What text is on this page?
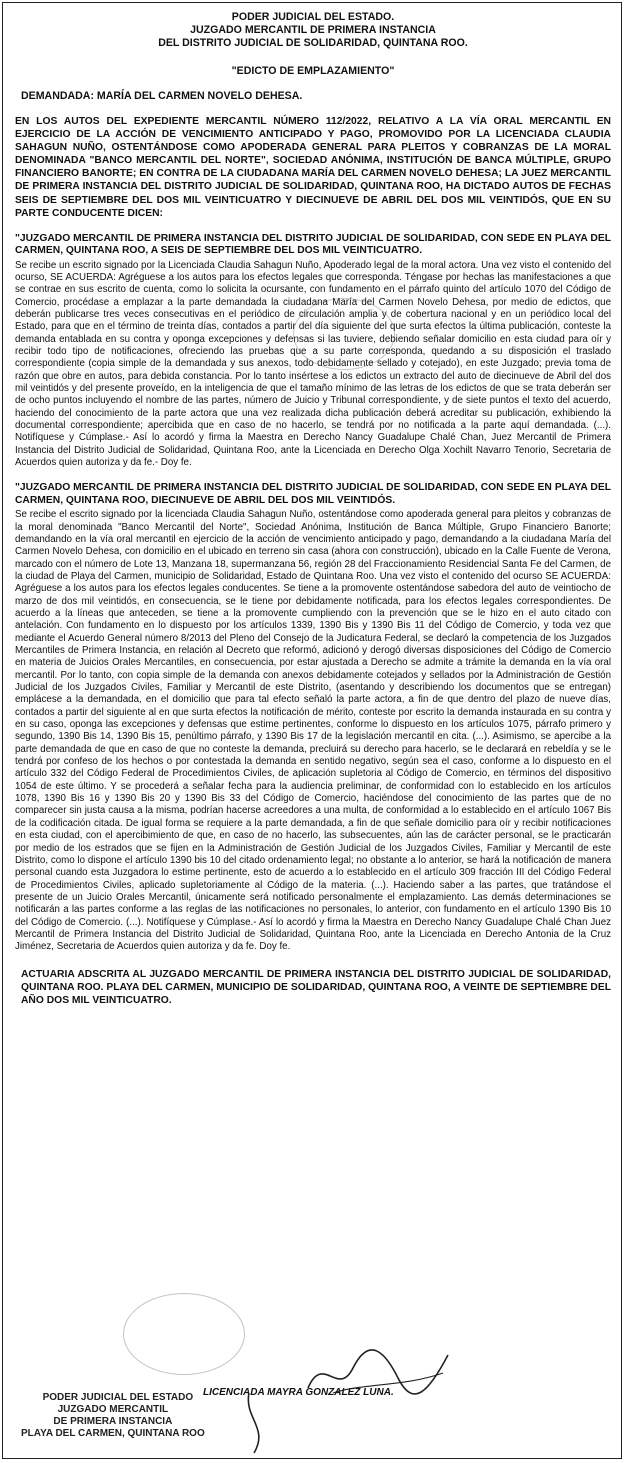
PODER JUDICIAL DEL ESTADO.
JUZGADO MERCANTIL DE PRIMERA INSTANCIA
DEL DISTRITO JUDICIAL DE SOLIDARIDAD, QUINTANA ROO.
"EDICTO DE EMPLAZAMIENTO"
DEMANDADA: MARÍA DEL CARMEN NOVELO DEHESA.
EN LOS AUTOS DEL EXPEDIENTE MERCANTIL NÚMERO 112/2022, RELATIVO A LA VÍA ORAL MERCANTIL EN EJERCICIO DE LA ACCIÓN DE VENCIMIENTO ANTICIPADO Y PAGO, PROMOVIDO POR LA LICENCIADA CLAUDIA SAHAGUN NUÑO, OSTENTÁNDOSE COMO APODERADA GENERAL PARA PLEITOS Y COBRANZAS DE LA MORAL DENOMINADA "BANCO MERCANTIL DEL NORTE", SOCIEDAD ANÓNIMA, INSTITUCIÓN DE BANCA MÚLTIPLE, GRUPO FINANCIERO BANORTE; EN CONTRA DE LA CIUDADANA MARÍA DEL CARMEN NOVELO DEHESA; LA JUEZ MERCANTIL DE PRIMERA INSTANCIA DEL DISTRITO JUDICIAL DE SOLIDARIDAD, QUINTANA ROO, HA DICTADO AUTOS DE FECHAS SEIS DE SEPTIEMBRE DEL DOS MIL VEINTICUATRO Y DIECINUEVE DE ABRIL DEL DOS MIL VEINTIDÓS, QUE EN SU PARTE CONDUCENTE DICEN:
"JUZGADO MERCANTIL DE PRIMERA INSTANCIA DEL DISTRITO JUDICIAL DE SOLIDARIDAD, CON SEDE EN PLAYA DEL CARMEN, QUINTANA ROO, A SEIS DE SEPTIEMBRE DEL DOS MIL VEINTICUATRO.
Se recibe un escrito signado por la Licenciada Claudia Sahagun Nuño, Apoderado legal de la moral actora. Una vez visto el contenido del ocurso, SE ACUERDA: Agréguese a los autos para los efectos legales que corresponda. Téngase por hechas las manifestaciones a que se contrae en sus escrito de cuenta, como lo solicita la ocursante, con fundamento en el párrafo quinto del artículo 1070 del Código de Comercio, procédase a emplazar a la parte demandada la ciudadana María del Carmen Novelo Dehesa, por medio de edictos, que deberán publicarse tres veces consecutivas en el periódico de circulación amplia y de cobertura nacional y en un periódico local del Estado, para que en el término de treinta días, contados a partir del día siguiente del que surta efectos la última publicación, conteste la demanda entablada en su contra y oponga excepciones y defensas si las tuviere, debiendo señalar domicilio en esta ciudad para oír y recibir todo tipo de notificaciones, ofreciendo las pruebas que a su parte corresponda, quedando a su disposición el traslado correspondiente (copia simple de la demandada y sus anexos, todo debidamente sellado y cotejado), en este Juzgado; previa toma de razón que obre en autos, para debida constancia. Por lo tanto insértese a los edictos un extracto del auto de diecinueve de Abril del dos mil veintidós y del presente proveído, en la inteligencia de que el tamaño mínimo de las letras de los edictos de que se trata deberán ser de ocho puntos incluyendo el nombre de las partes, número de Juicio y Tribunal correspondiente, y de siete puntos el texto del acuerdo, haciendo del conocimiento de la parte actora que una vez realizada dicha publicación deberá acreditar su publicación, exhibiendo la documental correspondiente; apercibida que en caso de no hacerlo, se tendrá por no notificada a la parte aquí demandada. (...). Notifíquese y Cúmplase.- Así lo acordó y firma la Maestra en Derecho Nancy Guadalupe Chalé Chan, Juez Mercantil de Primera Instancia del Distrito Judicial de Solidaridad, Quintana Roo, ante la Licenciada en Derecho Olga Xochilt Navarro Tenorio, Secretaria de Acuerdos quien autoriza y da fe.- Doy fe.
"JUZGADO MERCANTIL DE PRIMERA INSTANCIA DEL DISTRITO JUDICIAL DE SOLIDARIDAD, CON SEDE EN PLAYA DEL CARMEN, QUINTANA ROO, DIECINUEVE DE ABRIL DEL DOS MIL VEINTIDÓS.
Se recibe el escrito signado por la licenciada Claudia Sahagun Nuño, ostentándose como apoderada general para pleitos y cobranzas de la moral denominada "Banco Mercantil del Norte", Sociedad Anónima, Institución de Banca Múltiple, Grupo Financiero Banorte; demandando en la vía oral mercantil en ejercicio de la acción de vencimiento anticipado y pago, demandando a la ciudadana María del Carmen Novelo Dehesa, con domicilio en el ubicado en terreno sin casa (ahora con construcción), ubicado en la Calle Fuente de Verona, marcado con el número de Lote 13, Manzana 18, supermanzana 56, región 28 del Fraccionamiento Residencial Santa Fe del Carmen, de la ciudad de Playa del Carmen, municipio de Solidaridad, Estado de Quintana Roo. Una vez visto el contenido del ocurso SE ACUERDA: Agréguese a los autos para los efectos legales conducentes. Se tiene a la promovente ostentándose sabedora del auto de veintiocho de marzo de dos mil veintidós, en consecuencia, se le tiene por debidamente notificada, para los efectos legales correspondientes. De acuerdo a la líneas que anteceden, se tiene a la promovente cumpliendo con la prevención que se le hizo en el auto citado con antelación. Con fundamento en lo dispuesto por los artículos 1339, 1390 Bis y 1390 Bis 11 del Código de Comercio, y toda vez que mediante el Acuerdo General número 8/2013 del Pleno del Consejo de la Judicatura Federal, se declaró la competencia de los Juzgados Mercantiles de Primera Instancia, en relación al Decreto que reformó, adicionó y derogó diversas disposiciones del Código de Comercio en materia de Juicios Orales Mercantiles, en consecuencia, por estar ajustada a Derecho se admite a trámite la demanda en la vía oral mercantil. Por lo tanto, con copia simple de la demanda con anexos debidamente cotejados y sellados por la Administración de Gestión Judicial de los Juzgados Civiles, Familiar y Mercantil de este Distrito, (asentando y describiendo los documentos que se entregan) emplácese a la demandada, en el domicilio que para tal efecto señaló la parte actora, a fin de que dentro del plazo de nueve días, contados a partir del siguiente al en que surta efectos la notificación de mérito, conteste por escrito la demanda instaurada en su contra y en su caso, oponga las excepciones y defensas que estime pertinentes, conforme lo dispuesto en los artículos 1075, párrafo primero y segundo, 1390 Bis 14, 1390 Bis 15, penúltimo párrafo, y 1390 Bis 17 de la legislación mercantil en cita. (...). Asimismo, se apercibe a la parte demandada de que en caso de que no conteste la demanda, precluirá su derecho para hacerlo, se le declarará en rebeldía y se le tendrá por confeso de los hechos o por contestada la demanda en sentido negativo, según sea el caso, conforme a lo dispuesto en el artículo 332 del Código Federal de Procedimientos Civiles, de aplicación supletoria al Código de Comercio, en términos del dispositivo 1054 de este último. Y se procederá a señalar fecha para la audiencia preliminar, de conformidad con lo establecido en los artículos 1078, 1390 Bis 16 y 1390 Bis 20 y 1390 Bis 33 del Código de Comercio, haciéndose del conocimiento de las partes que de no comparecer sin justa causa a la misma, podrían hacerse acreedores a una multa, de conformidad a lo establecido en el artículo 1067 Bis de la codificación citada. De igual forma se requiere a la parte demandada, a fin de que señale domicilio para oír y recibir notificaciones en esta ciudad, con el apercibimiento de que, en caso de no hacerlo, las subsecuentes, aún las de carácter personal, se le practicarán por medio de los estrados que se fijen en la Administración de Gestión Judicial de los Juzgados Civiles, Familiar y Mercantil de este Distrito, como lo dispone el artículo 1390 bis 10 del citado ordenamiento legal; no obstante a lo anterior, se hará la notificación de manera personal cuando esta Juzgadora lo estime pertinente, esto de acuerdo a lo establecido en el artículo 309 fracción III del Código Federal de Procedimientos Civiles, aplicado supletoriamente al Código de la materia. (...). Haciendo saber a las partes, que tratándose el presente de un Juicio Orales Mercantil, únicamente será notificado personalmente el emplazamiento. Las demás determinaciones se notificarán a las partes conforme a las reglas de las notificaciones no personales, lo anterior, con fundamento en el artículo 1390 Bis 10 del Código de Comercio. (...). Notifíquese y Cúmplase.- Así lo acordó y firma la Maestra en Derecho Nancy Guadalupe Chalé Chan Juez Mercantil de Primera Instancia del Distrito Judicial de Solidaridad, Quintana Roo, ante la Licenciada en Derecho Antonia de la Cruz Jiménez, Secretaria de Acuerdos quien autoriza y da fe. Doy fe.
ACTUARIA ADSCRITA AL JUZGADO MERCANTIL DE PRIMERA INSTANCIA DEL DISTRITO JUDICIAL DE SOLIDARIDAD, QUINTANA ROO. PLAYA DEL CARMEN, MUNICIPIO DE SOLIDARIDAD, QUINTANA ROO, A VEINTE DE SEPTIEMBRE DEL AÑO DOS MIL VEINTICUATRO.
LICENCIADA MAYRA GONZALEZ LUNA.
PODER JUDICIAL DEL ESTADO
JUZGADO MERCANTIL
DE PRIMERA INSTANCIA
PLAYA DEL CARMEN, QUINTANA ROO
